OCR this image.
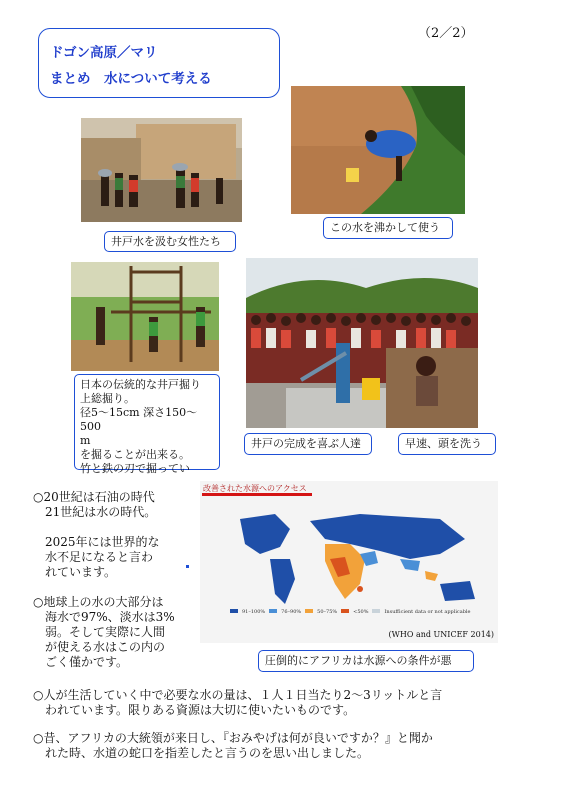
（2／2）
ドゴン高原／マリ
まとめ　水について考える
井戸水を汲む女性たち
この水を沸かして使う
日本の伝統的な井戸掘り
上総掘り。
径5～15cm 深さ150～500
m
を掘ることが出来る。
竹と鉄の刃で掘ってい
井戸の完成を喜ぶ人達	早速、頭を洗う
改善された水源へのアクセス
91–100%	76–90%	50–75%	<50%	Insufficient data or not applicable
(WHO and UNICEF 2014)
圧倒的にアフリカは水源への条件が悪
○20世紀は石油の時代
　21世紀は水の時代。
　2025年には世界的な
　水不足になると言わ
　れています。
○地球上の水の大部分は
　海水で97%、淡水は3%
　弱。そして実際に人間
　が使える水はこの内の
　ごく僅かです。
○人が生活していく中で必要な水の量は、１人１日当たり2～3リットルと言
　われています。限りある資源は大切に使いたいものです。
○昔、アフリカの大統領が来日し、『おみやげは何が良いですか？』と聞か
　れた時、水道の蛇口を指差したと言うのを思い出しました。
